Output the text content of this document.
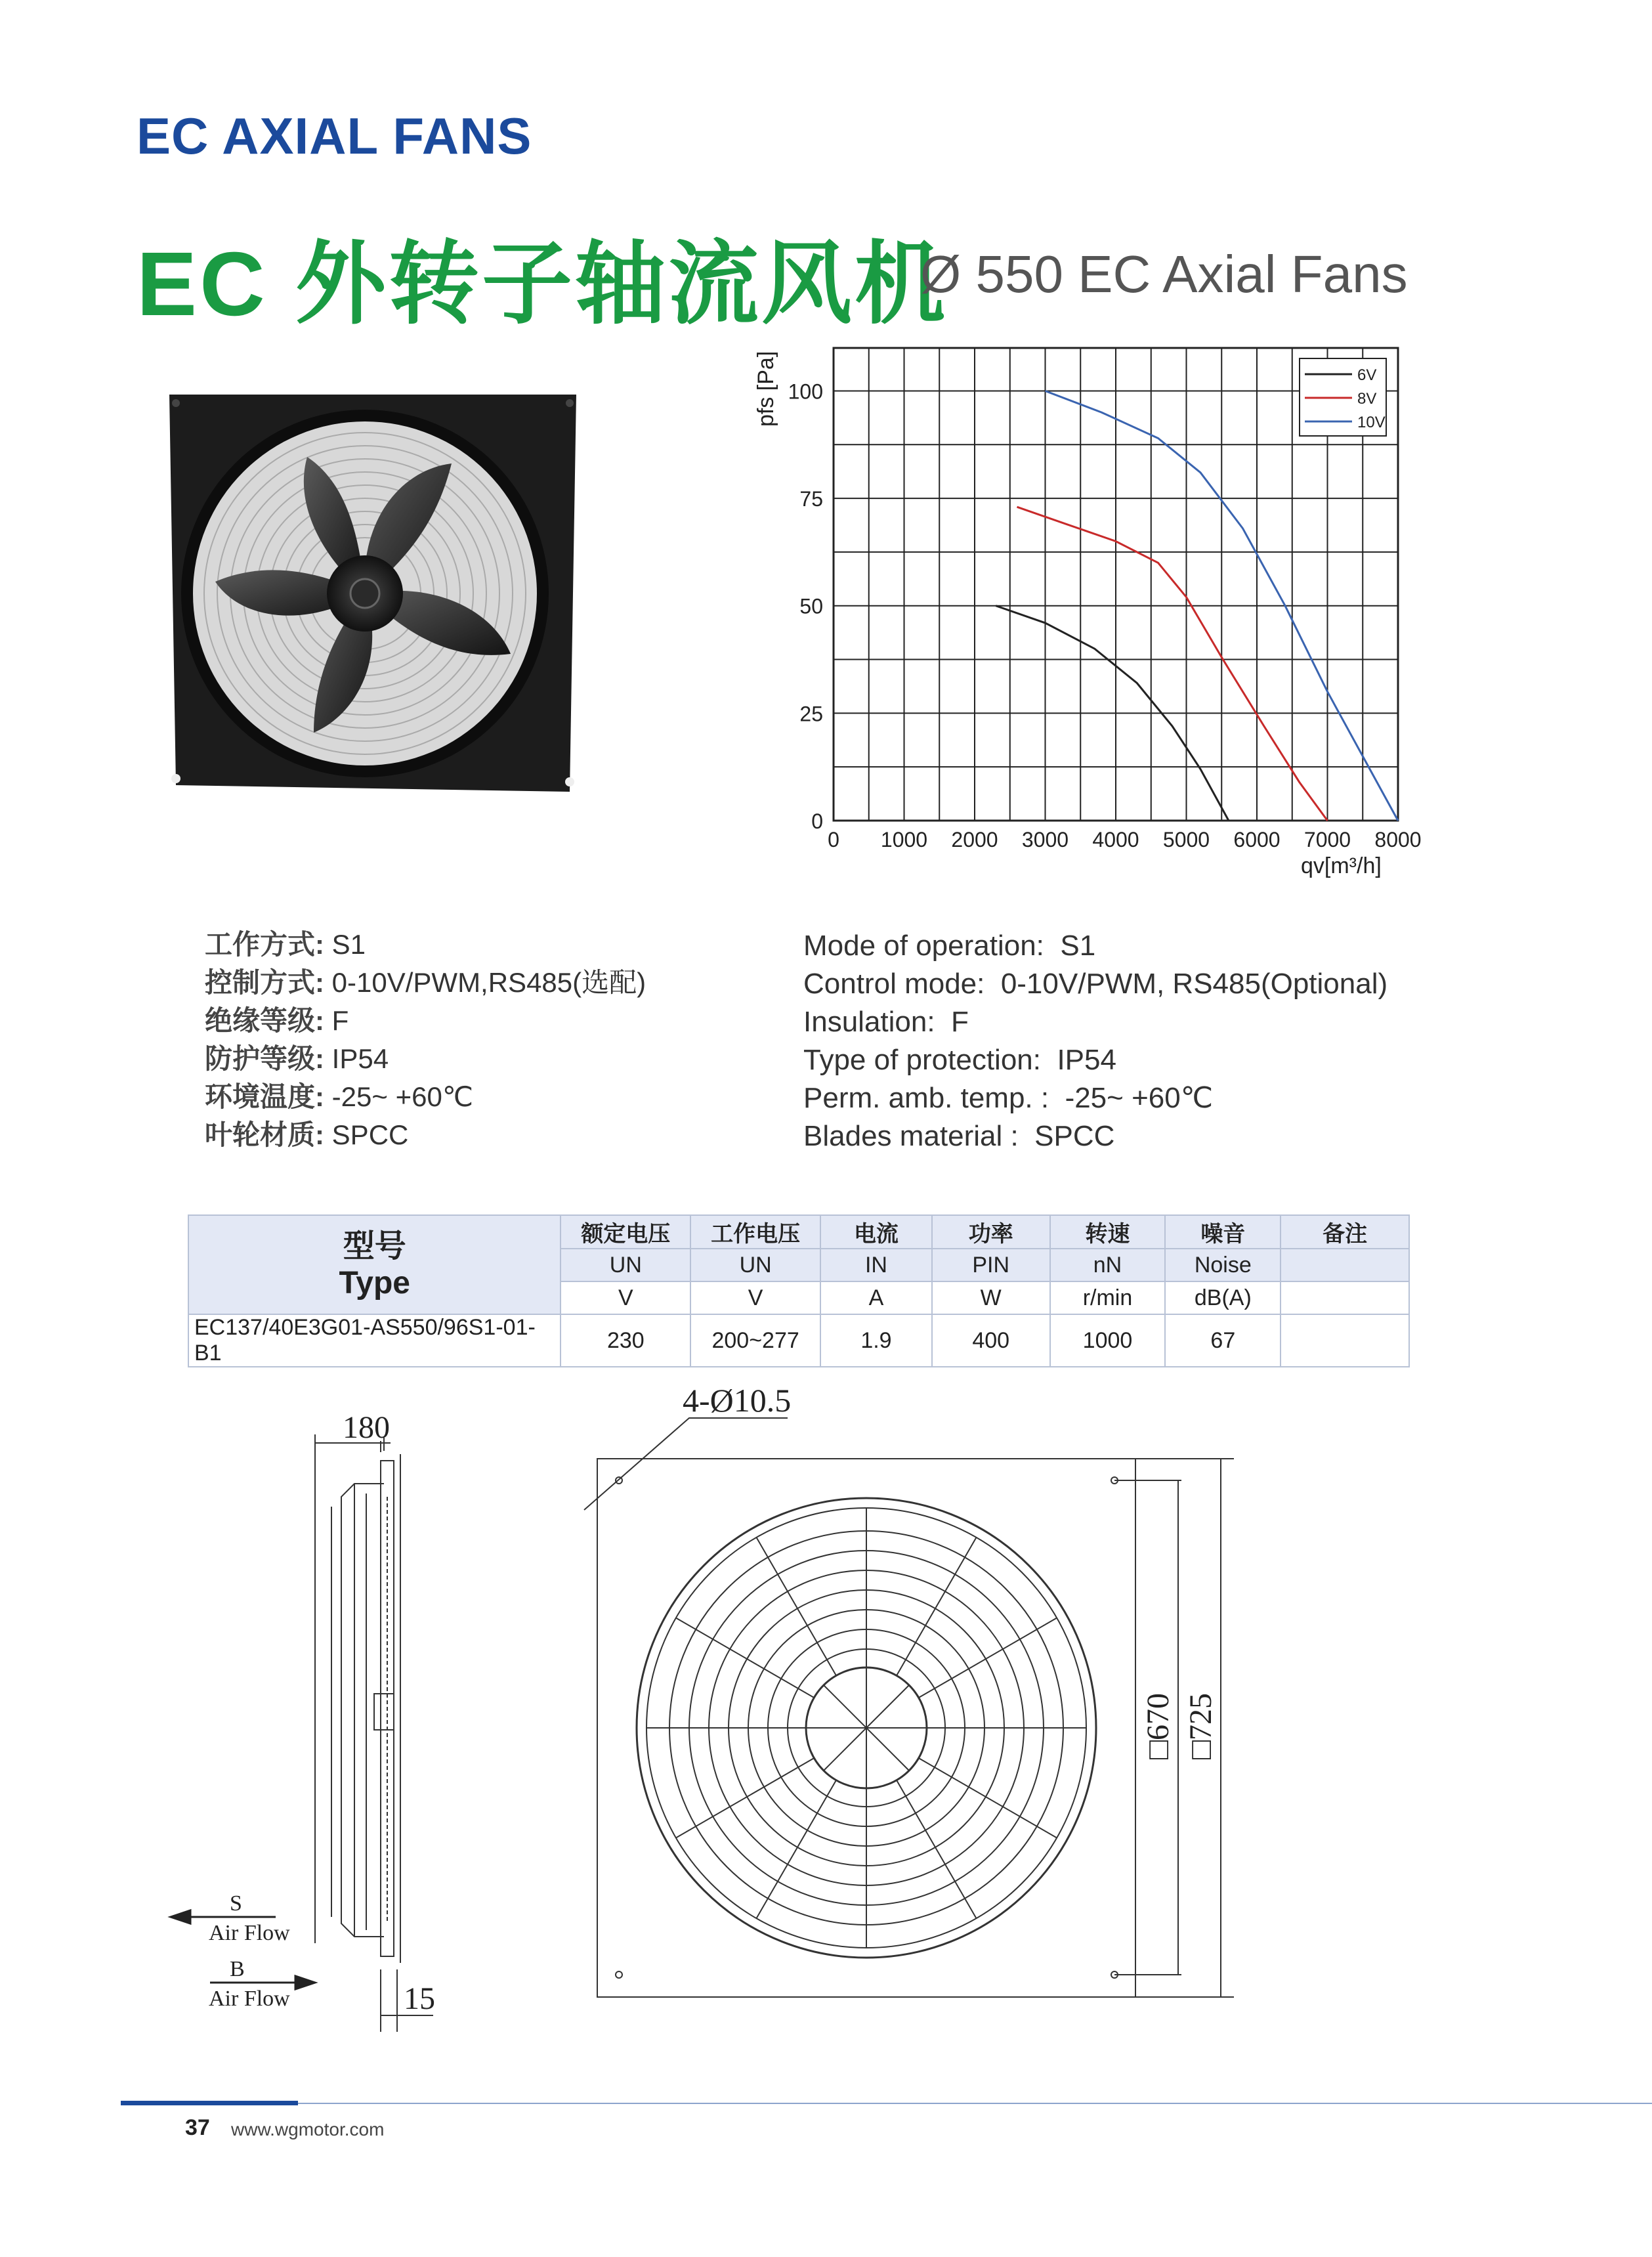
EC AXIAL FANS
EC 外转子轴流风机
Ø 550 EC Axial Fans
0 1000 2000 3000 4000 5000 6000 7000 8000
0
25
50
75
100
pfs [Pa]
qv[m³/h]
6V
8V
10V
工作方式: S1
控制方式: 0-10V/PWM,RS485(选配)
绝缘等级: F
防护等级: IP54
环境温度: -25~ +60℃
叶轮材质: SPCC
Mode of operation: S1
Control mode: 0-10V/PWM, RS485(Optional)
Insulation: F
Type of protection: IP54
Perm. amb. temp. : -25~ +60℃
Blades material : SPCC
型号
Type	额定电压	工作电压	电流	功率	转速	噪音	备注
	UN	UN	IN	PIN	nN	Noise	
	V	V	A	W	r/min	dB(A)	
EC137/40E3G01-AS550/96S1-01-B1	230	200~277	1.9	400	1000	67	
180
15
4-Ø10.5
□670 □725
S
Air Flow
B
Air Flow
37 www.wgmotor.com
